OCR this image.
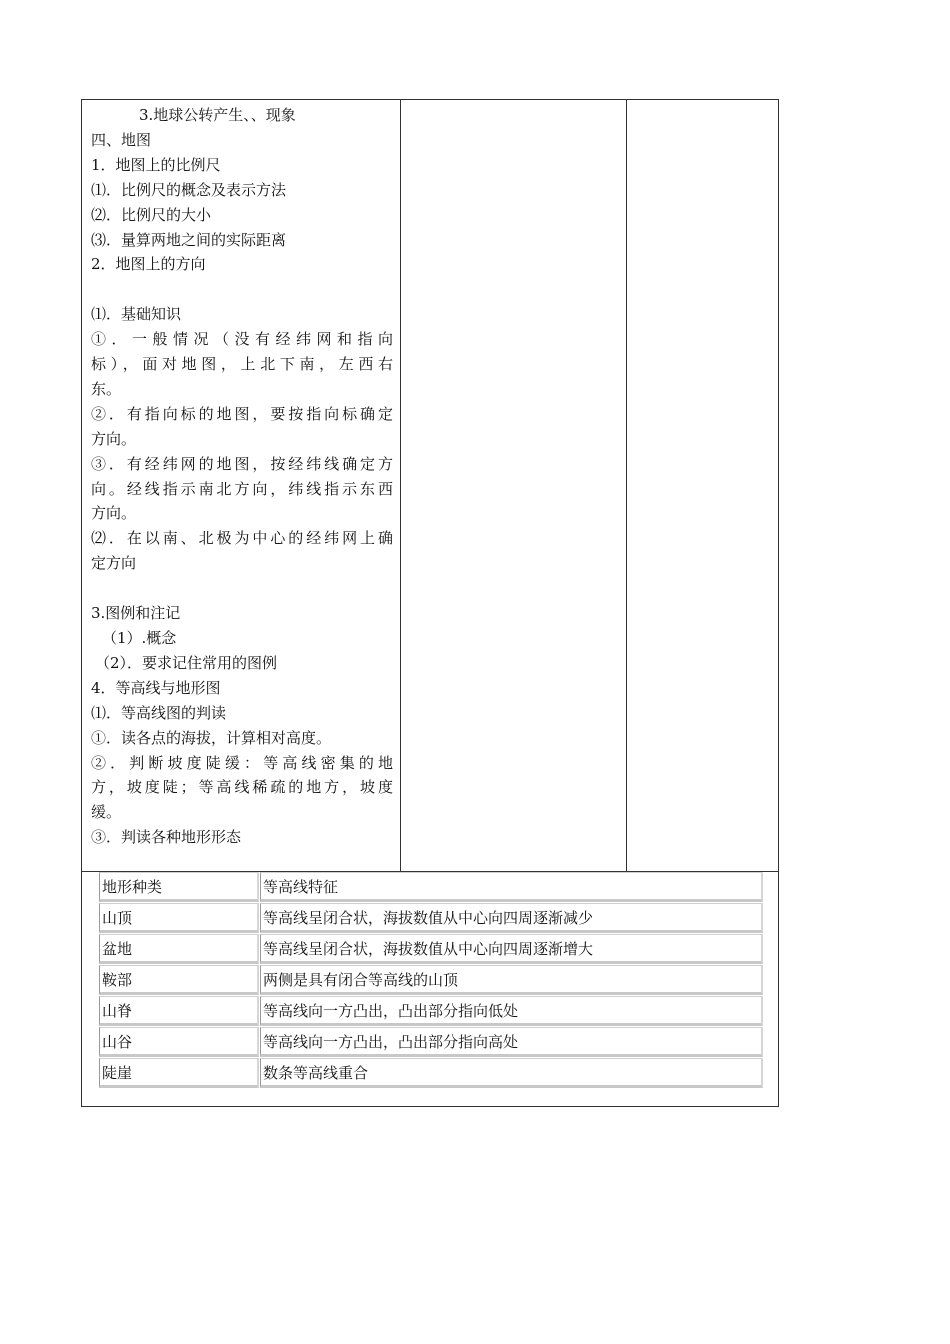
3.地球公转产生、、现象
四、地图
1．地图上的比例尺
⑴．比例尺的概念及表示方法
⑵．比例尺的大小
⑶．量算两地之间的实际距离
2．地图上的方向
⑴．基础知识
①．一般情况（没有经纬网和指向
标），面对地图，上北下南，左西右
东。
②．有指向标的地图，要按指向标确定
方向。
③．有经纬网的地图，按经纬线确定方
向。经线指示南北方向，纬线指示东西
方向。
⑵．在以南、北极为中心的经纬网上确
定方向
3.图例和注记
（1）.概念
（2）．要求记住常用的图例
4．等高线与地形图
⑴．等高线图的判读
①．读各点的海拔，计算相对高度。
②．判断坡度陡缓：等高线密集的地
方，坡度陡；等高线稀疏的地方，坡度
缓。
③．判读各种地形形态
地形种类	等高线特征
山顶	等高线呈闭合状，海拔数值从中心向四周逐渐减少
盆地	等高线呈闭合状，海拔数值从中心向四周逐渐增大
鞍部	两侧是具有闭合等高线的山顶
山脊	等高线向一方凸出，凸出部分指向低处
山谷	等高线向一方凸出，凸出部分指向高处
陡崖	数条等高线重合
